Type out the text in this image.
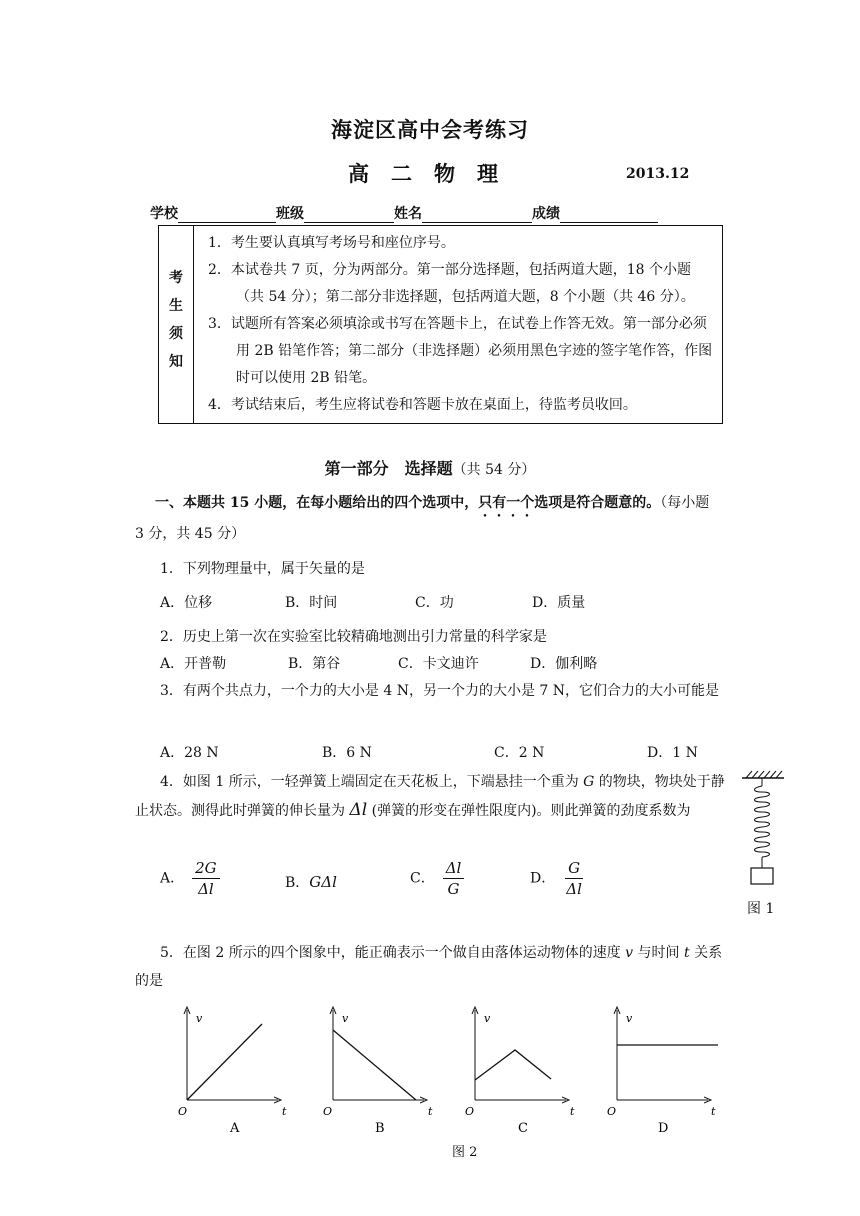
海淀区高中会考练习
高二物理	2013.12
学校	班级	姓名	成绩
考
生
须
知

1．考生要认真填写考场号和座位序号。
2．本试卷共 7 页，分为两部分。第一部分选择题，包括两道大题，18 个小题（共 54 分）；第二部分非选择题，包括两道大题，8 个小题（共 46 分）。
3．试题所有答案必须填涂或书写在答题卡上，在试卷上作答无效。第一部分必须用 2B 铅笔作答；第二部分（非选择题）必须用黑色字迹的签字笔作答，作图时可以使用 2B 铅笔。
4．考试结束后，考生应将试卷和答题卡放在桌面上，待监考员收回。
第一部分　选择题（共 54 分）
一、本题共 15 小题，在每小题给出的四个选项中，只有一个选项是符合题意的。（每小题 3 分，共 45 分）
1．下列物理量中，属于矢量的是
A．位移	B．时间	C．功	D．质量
2．历史上第一次在实验室比较精确地测出引力常量的科学家是
A．开普勒	B．第谷	C．卡文迪许	D．伽利略
3．有两个共点力，一个力的大小是 4 N，另一个力的大小是 7 N，它们合力的大小可能是
A．28 N	B．6 N	C．2 N	D．1 N
4．如图 1 所示，一轻弹簧上端固定在天花板上，下端悬挂一个重为 G 的物块，物块处于静止状态。测得此时弹簧的伸长量为 Δl (弹簧的形变在弹性限度内)。则此弹簧的劲度系数为
A． $\frac{2G}{\Delta l}$	B．GΔl	C． $\frac{\Delta l}{G}$	D． $\frac{G}{\Delta l}$
图 1
5．在图 2 所示的四个图象中，能正确表示一个做自由落体运动物体的速度 v 与时间 t 关系的是
v
O	t
A
v
O	t
B
v
O	t
C
v
O	t
D
图 2
